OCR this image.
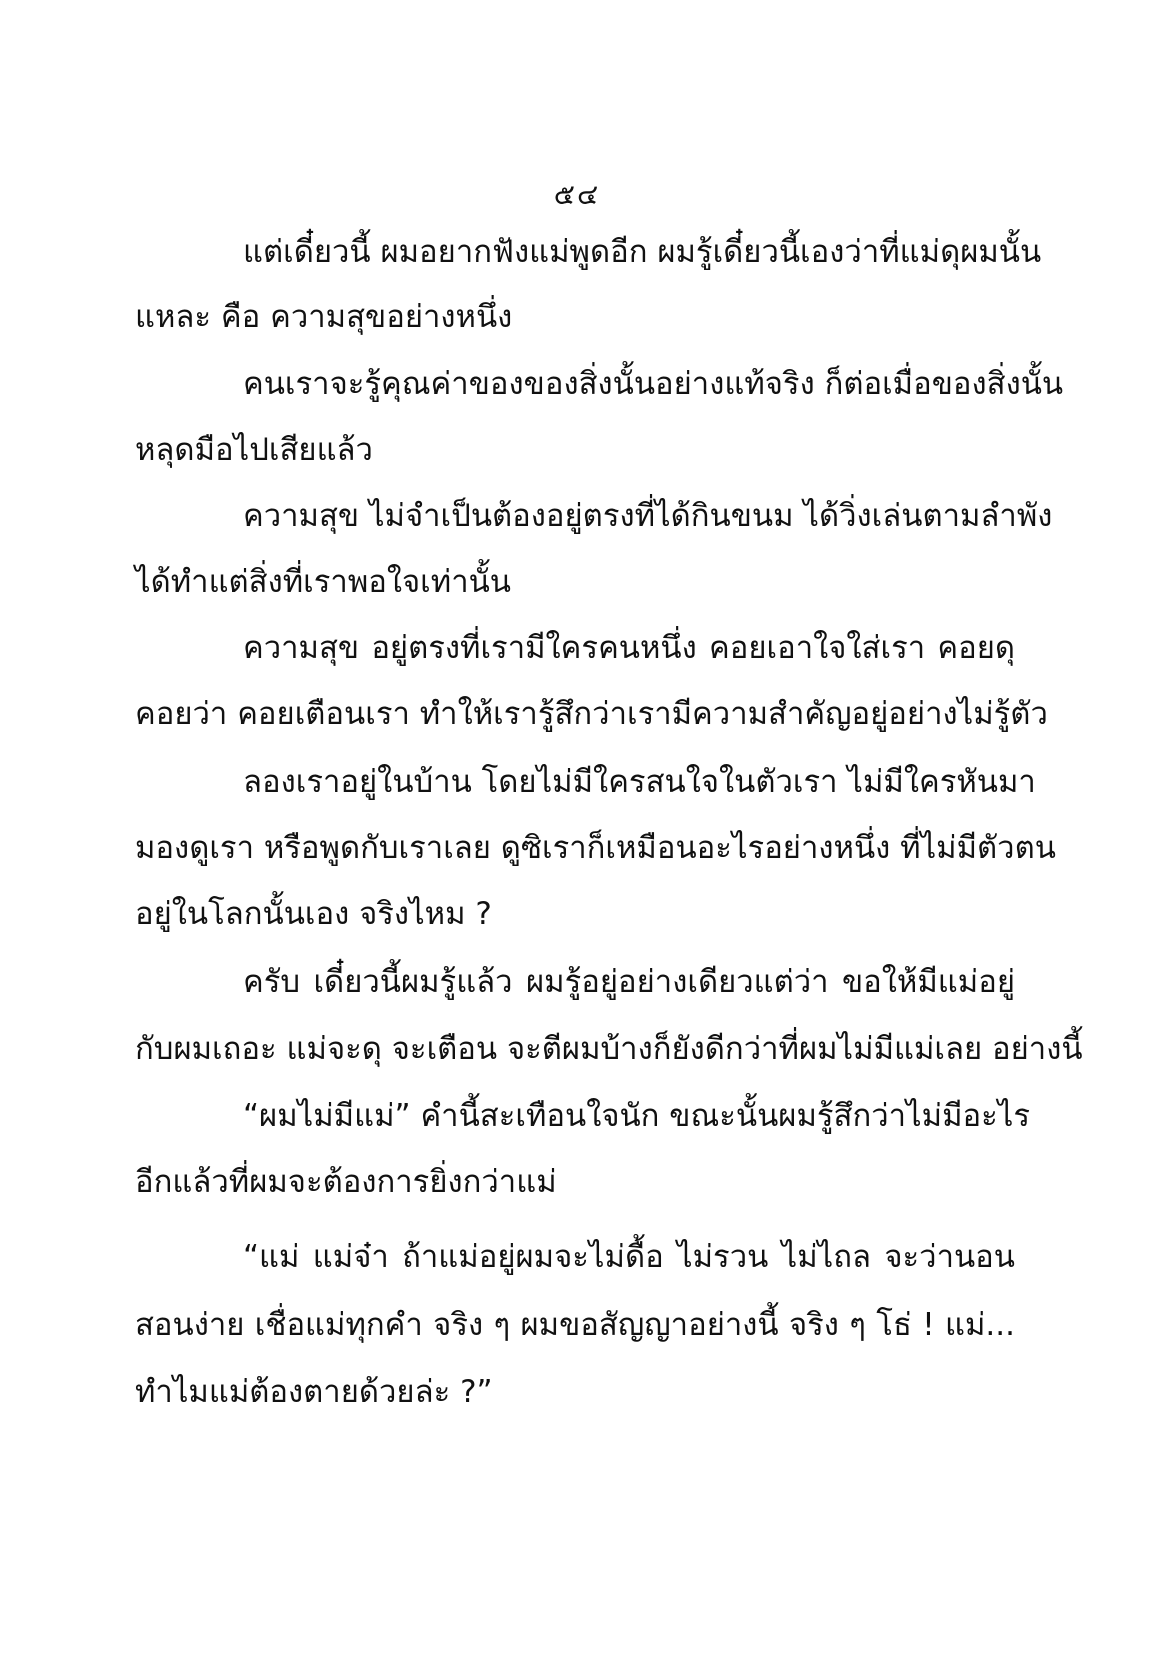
๕๔
แต่เดี๋ยวนี้ ผมอยากฟังแม่พูดอีก ผมรู้เดี๋ยวนี้เองว่าที่แม่ดุผมนั้น
แหละ คือ ความสุขอย่างหนึ่ง
คนเราจะรู้คุณค่าของของสิ่งนั้นอย่างแท้จริง ก็ต่อเมื่อของสิ่งนั้น
หลุดมือไปเสียแล้ว
ความสุข ไม่จำเป็นต้องอยู่ตรงที่ได้กินขนม ได้วิ่งเล่นตามลำพัง
ได้ทำแต่สิ่งที่เราพอใจเท่านั้น
ความสุข อยู่ตรงที่เรามีใครคนหนึ่ง คอยเอาใจใส่เรา คอยดุ
คอยว่า คอยเตือนเรา ทำให้เรารู้สึกว่าเรามีความสำคัญอยู่อย่างไม่รู้ตัว
ลองเราอยู่ในบ้าน โดยไม่มีใครสนใจในตัวเรา ไม่มีใครหันมา
มองดูเรา หรือพูดกับเราเลย ดูซิเราก็เหมือนอะไรอย่างหนึ่ง ที่ไม่มีตัวตน
อยู่ในโลกนั้นเอง จริงไหม ?
ครับ เดี๋ยวนี้ผมรู้แล้ว ผมรู้อยู่อย่างเดียวแต่ว่า ขอให้มีแม่อยู่
กับผมเถอะ แม่จะดุ จะเตือน จะตีผมบ้างก็ยังดีกว่าที่ผมไม่มีแม่เลย อย่างนี้
“ผมไม่มีแม่” คำนี้สะเทือนใจนัก ขณะนั้นผมรู้สึกว่าไม่มีอะไร
อีกแล้วที่ผมจะต้องการยิ่งกว่าแม่
“แม่ แม่จ๋า ถ้าแม่อยู่ผมจะไม่ดื้อ ไม่รวน ไม่ไถล จะว่านอน
สอนง่าย เชื่อแม่ทุกคำ จริง ๆ ผมขอสัญญาอย่างนี้ จริง ๆ โธ่ ! แม่...
ทำไมแม่ต้องตายด้วยล่ะ ?”
